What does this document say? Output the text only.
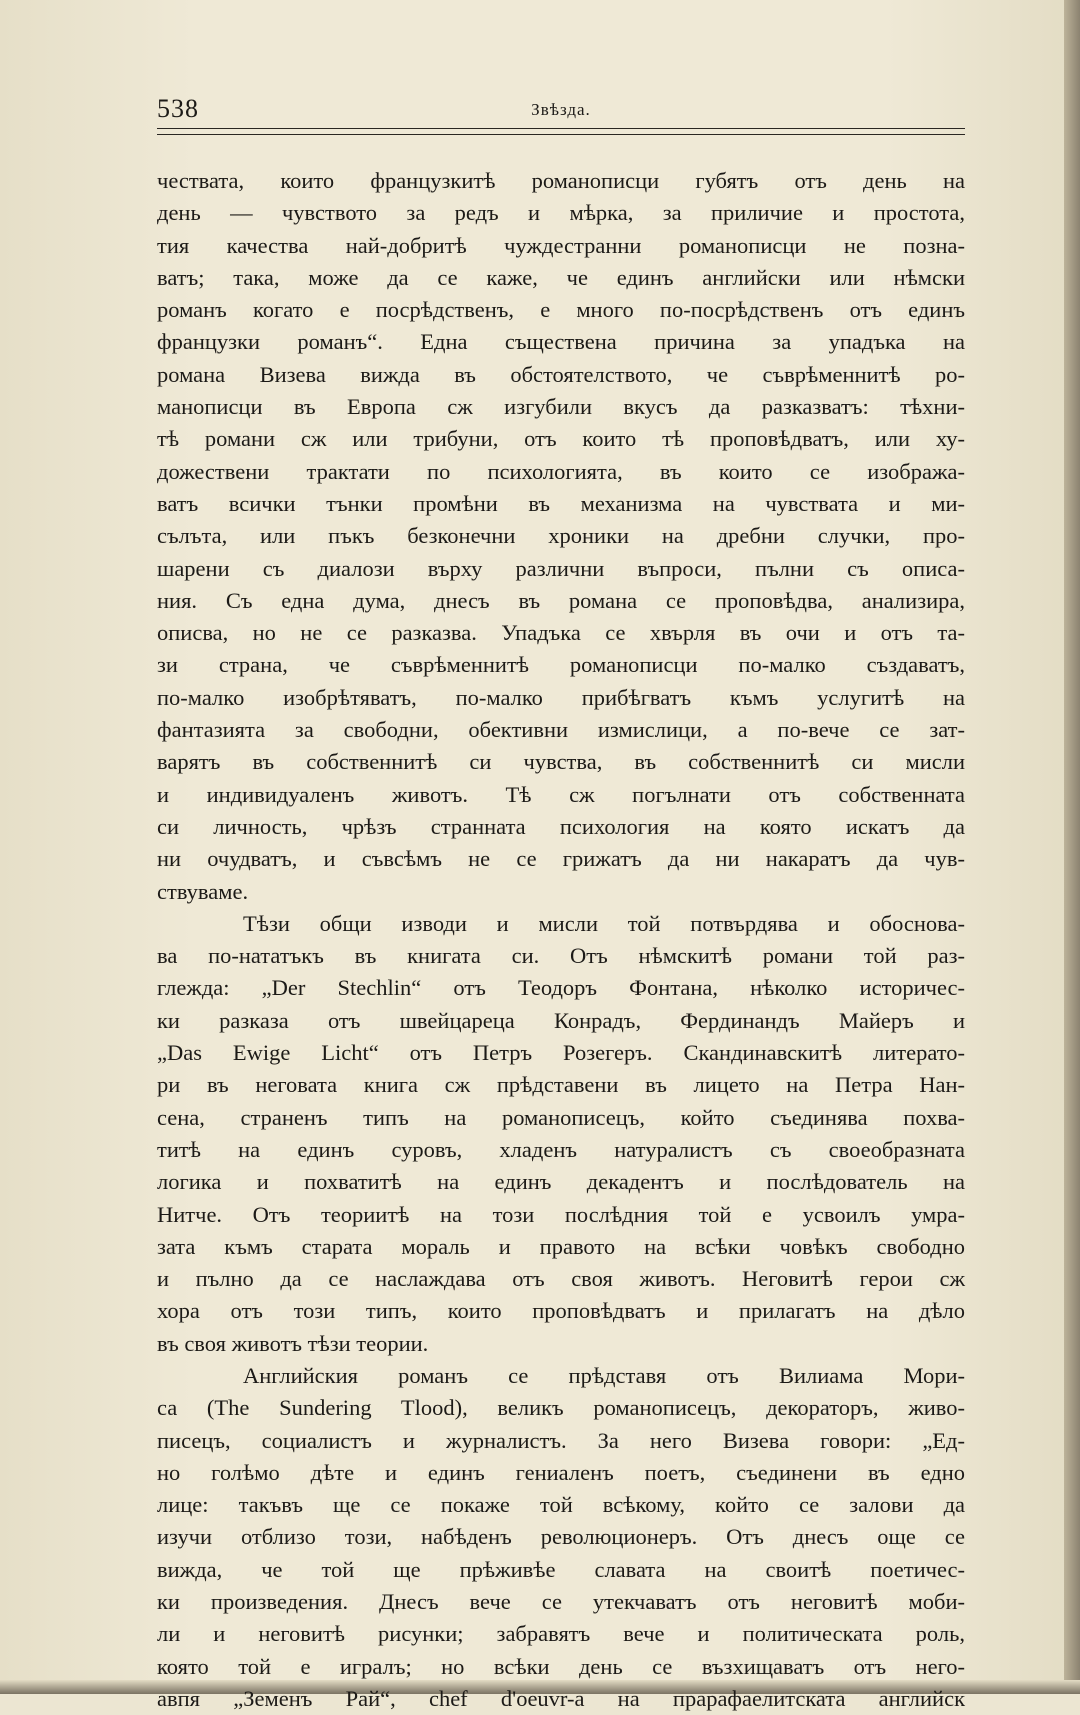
538	Звѣзда.
чествата, които французкитѣ романописци губятъ отъ день на
день — чувството за редъ и мѣрка, за приличие и простота,
тия качества най-добритѣ чуждестранни романописци не позна-
ватъ; така, може да се каже, че единъ английски или нѣмски
романъ когато е посрѣдственъ, е много по-посрѣдственъ отъ единъ
французки романъ“. Една съществена причина за упадъка на
романа Визева вижда въ обстоятелството, че съврѣменнитѣ ро-
манописци въ Европа сж изгубили вкусъ да разказватъ: тѣхни-
тѣ романи сж или трибуни, отъ които тѣ проповѣдватъ, или ху-
дожествени трактати по психологията, въ които се изобража-
ватъ всички тънки промѣни въ механизма на чувствата и ми-
сълъта, или пъкъ безконечни хроники на дребни случки, про-
шарени съ диалози върху различни въпроси, пълни съ описа-
ния. Съ една дума, днесъ въ романа се проповѣдва, анализира,
описва, но не се разказва. Упадъка се хвърля въ очи и отъ та-
зи страна, че съврѣменнитѣ романописци по-малко създаватъ,
по-малко изобрѣтяватъ, по-малко прибѣгватъ къмъ услугитѣ на
фантазията за свободни, обективни измислици, а по-вече се зат-
варятъ въ собственнитѣ си чувства, въ собственнитѣ си мисли
и индивидуаленъ животъ. Тѣ сж погълнати отъ собственната
си личность, чрѣзъ странната психология на която искатъ да
ни очудватъ, и съвсѣмъ не се грижатъ да ни накаратъ да чув-
ствуваме.
Тѣзи общи изводи и мисли той потвърдява и обоснова-
ва по-нататъкъ въ книгата си. Отъ нѣмскитѣ романи той раз-
глежда: „Der Stechlin“ отъ Теодоръ Фонтана, нѣколко историчес-
ки разказа отъ швейцареца Конрадъ, Фердинандъ Майеръ и
„Das Ewige Licht“ отъ Петръ Розегеръ. Скандинавскитѣ литерато-
ри въ неговата книга сж прѣдставени въ лицето на Петра Нан-
сена, страненъ типъ на романописецъ, който съединява похва-
титѣ на единъ суровъ, хладенъ натуралистъ съ своеобразната
логика и похватитѣ на единъ декадентъ и послѣдователь на
Нитче. Отъ теориитѣ на този послѣдния той е усвоилъ умра-
зата къмъ старата мораль и правото на всѣки човѣкъ свободно
и пълно да се наслаждава отъ своя животъ. Неговитѣ герои сж
хора отъ този типъ, които проповѣдватъ и прилагатъ на дѣло
въ своя животъ тѣзи теории.
Английския романъ се прѣдставя отъ Вилиама Мори-
са (The Sundering Tlood), великъ романописецъ, декораторъ, живо-
писецъ, социалистъ и журналистъ. За него Визева говори: „Ед-
но голѣмо дѣте и единъ гениаленъ поетъ, съединени въ едно
лице: такъвъ ще се покаже той всѣкому, който се залови да
изучи отблизо този, набѣденъ революционеръ. Отъ днесъ още се
вижда, че той ще прѣживѣе славата на своитѣ поетичес-
ки произведения. Днесъ вече се утекчаватъ отъ неговитѣ моби-
ли и неговитѣ рисунки; забравятъ вече и политическата роль,
която той е игралъ; но всѣки день се възхищаватъ отъ него-
авпя „Земенъ Рай“, chef d'oeuvr-a на прарафаелитската английск
